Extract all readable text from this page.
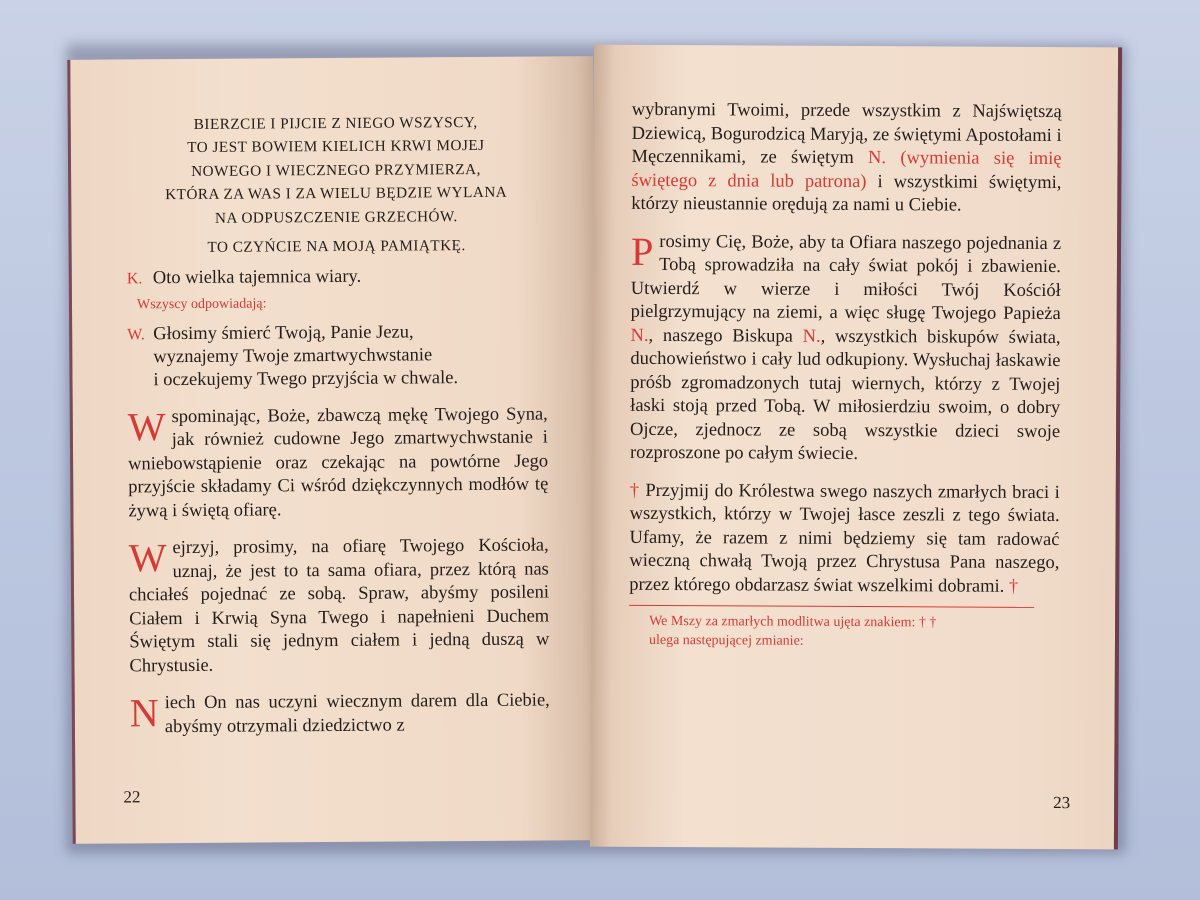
BIERZCIE I PIJCIE Z NIEGO WSZYSCY,

TO JEST BOWIEM KIELICH KRWI MOJEJ

NOWEGO I WIECZNEGO PRZYMIERZA,

KTÓRA ZA WAS I ZA WIELU BĘDZIE WYLANA

NA ODPUSZCZENIE GRZECHÓW.

TO CZYŃCIE NA MOJĄ PAMIĄTKĘ.

K. Oto wielka tajemnica wiary.
Wszyscy odpowiadają:
W. Głosimy śmierć Twoją, Panie Jezu,
wyznajemy Twoje zmartwychwstanie
i oczekujemy Twego przyjścia w chwale.

Wspominając, Boże, zbawczą mękę Twojego Syna, jak również cudowne Jego zmartwychwstanie i wniebowstąpienie oraz czekając na powtórne Jego przyjście składamy Ci wśród dziękczynnych modłów tę żywą i świętą ofiarę.

Wejrzyj, prosimy, na ofiarę Twojego Kościoła, uznaj, że jest to ta sama ofiara, przez którą nas chciałeś pojednać ze sobą. Spraw, abyśmy posileni Ciałem i Krwią Syna Twego i napełnieni Duchem Świętym stali się jednym ciałem i jedną duszą w Chrystusie.

Niech On nas uczyni wiecznym darem dla Ciebie, abyśmy otrzymali dziedzictwo z

22

wybranymi Twoimi, przede wszystkim z Najświętszą Dziewicą, Bogurodzicą Maryją, ze świętymi Apostołami i Męczennikami, ze świętym N. (wymienia się imię świętego z dnia lub patrona) i wszystkimi świętymi, którzy nieustannie orędują za nami u Ciebie.

Prosimy Cię, Boże, aby ta Ofiara naszego pojednania z Tobą sprowadziła na cały świat pokój i zbawienie. Utwierdź w wierze i miłości Twój Kościół pielgrzymujący na ziemi, a więc sługę Twojego Papieża N., naszego Biskupa N., wszystkich biskupów świata, duchowieństwo i cały lud odkupiony. Wysłuchaj łaskawie próśb zgromadzonych tutaj wiernych, którzy z Twojej łaski stoją przed Tobą. W miłosierdziu swoim, o dobry Ojcze, zjednocz ze sobą wszystkie dzieci swoje rozproszone po całym świecie.

† Przyjmij do Królestwa swego naszych zmarłych braci i wszystkich, którzy w Twojej łasce zeszli z tego świata. Ufamy, że razem z nimi będziemy się tam radować wieczną chwałą Twoją przez Chrystusa Pana naszego, przez którego obdarzasz świat wszelkimi dobrami. †

We Mszy za zmarłych modlitwa ujęta znakiem: † †
ulega następującej zmianie:
23
